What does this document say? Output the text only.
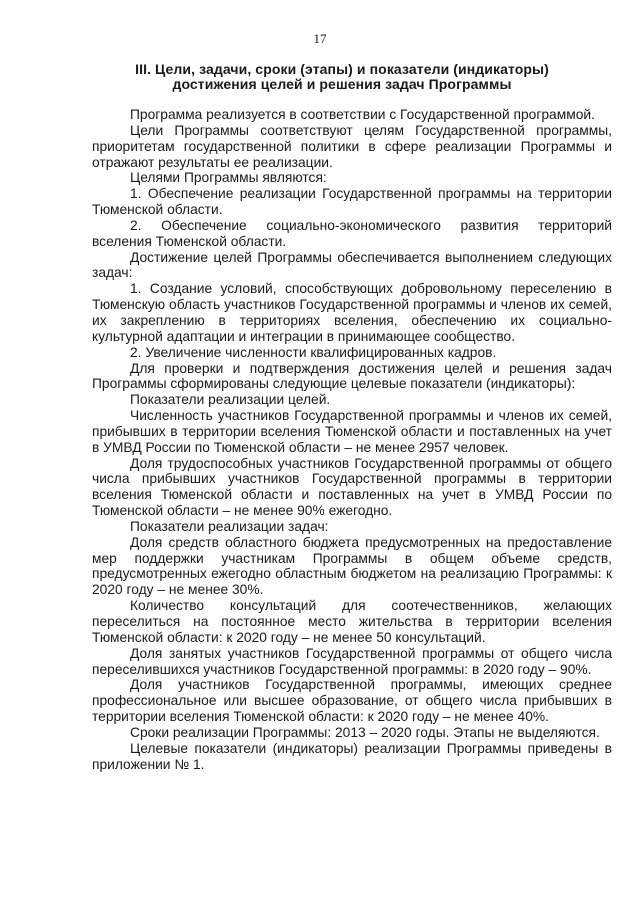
17
III. Цели, задачи, сроки (этапы) и показатели (индикаторы)
достижения целей и решения задач Программы

Программа реализуется в соответствии с Государственной программой.

Цели Программы соответствуют целям Государственной программы, приоритетам государственной политики в сфере реализации Программы и отражают результаты ее реализации.

Целями Программы являются:

1. Обеспечение реализации Государственной программы на территории Тюменской области.

2. Обеспечение социально-экономического развития территорий вселения Тюменской области.

Достижение целей Программы обеспечивается выполнением следующих задач:

1. Создание условий, способствующих добровольному переселению в Тюменскую область участников Государственной программы и членов их семей, их закреплению в территориях вселения, обеспечению их социально-культурной адаптации и интеграции в принимающее сообщество.

2. Увеличение численности квалифицированных кадров.

Для проверки и подтверждения достижения целей и решения задач Программы сформированы следующие целевые показатели (индикаторы):

Показатели реализации целей.

Численность участников Государственной программы и членов их семей, прибывших в территории вселения Тюменской области и поставленных на учет в УМВД России по Тюменской области – не менее 2957 человек.

Доля трудоспособных участников Государственной программы от общего числа прибывших участников Государственной программы в территории вселения Тюменской области и поставленных на учет в УМВД России по Тюменской области – не менее 90% ежегодно.

Показатели реализации задач:

Доля средств областного бюджета предусмотренных на предоставление мер поддержки участникам Программы в общем объеме средств, предусмотренных ежегодно областным бюджетом на реализацию Программы: к 2020 году – не менее 30%.

Количество консультаций для соотечественников, желающих переселиться на постоянное место жительства в территории вселения Тюменской области: к 2020 году – не менее 50 консультаций.

Доля занятых участников Государственной программы от общего числа переселившихся участников Государственной программы: в 2020 году – 90%.

Доля участников Государственной программы, имеющих среднее профессиональное или высшее образование, от общего числа прибывших в территории вселения Тюменской области: к 2020 году – не менее 40%.

Сроки реализации Программы: 2013 – 2020 годы. Этапы не выделяются.

Целевые показатели (индикаторы) реализации Программы приведены в приложении № 1.
